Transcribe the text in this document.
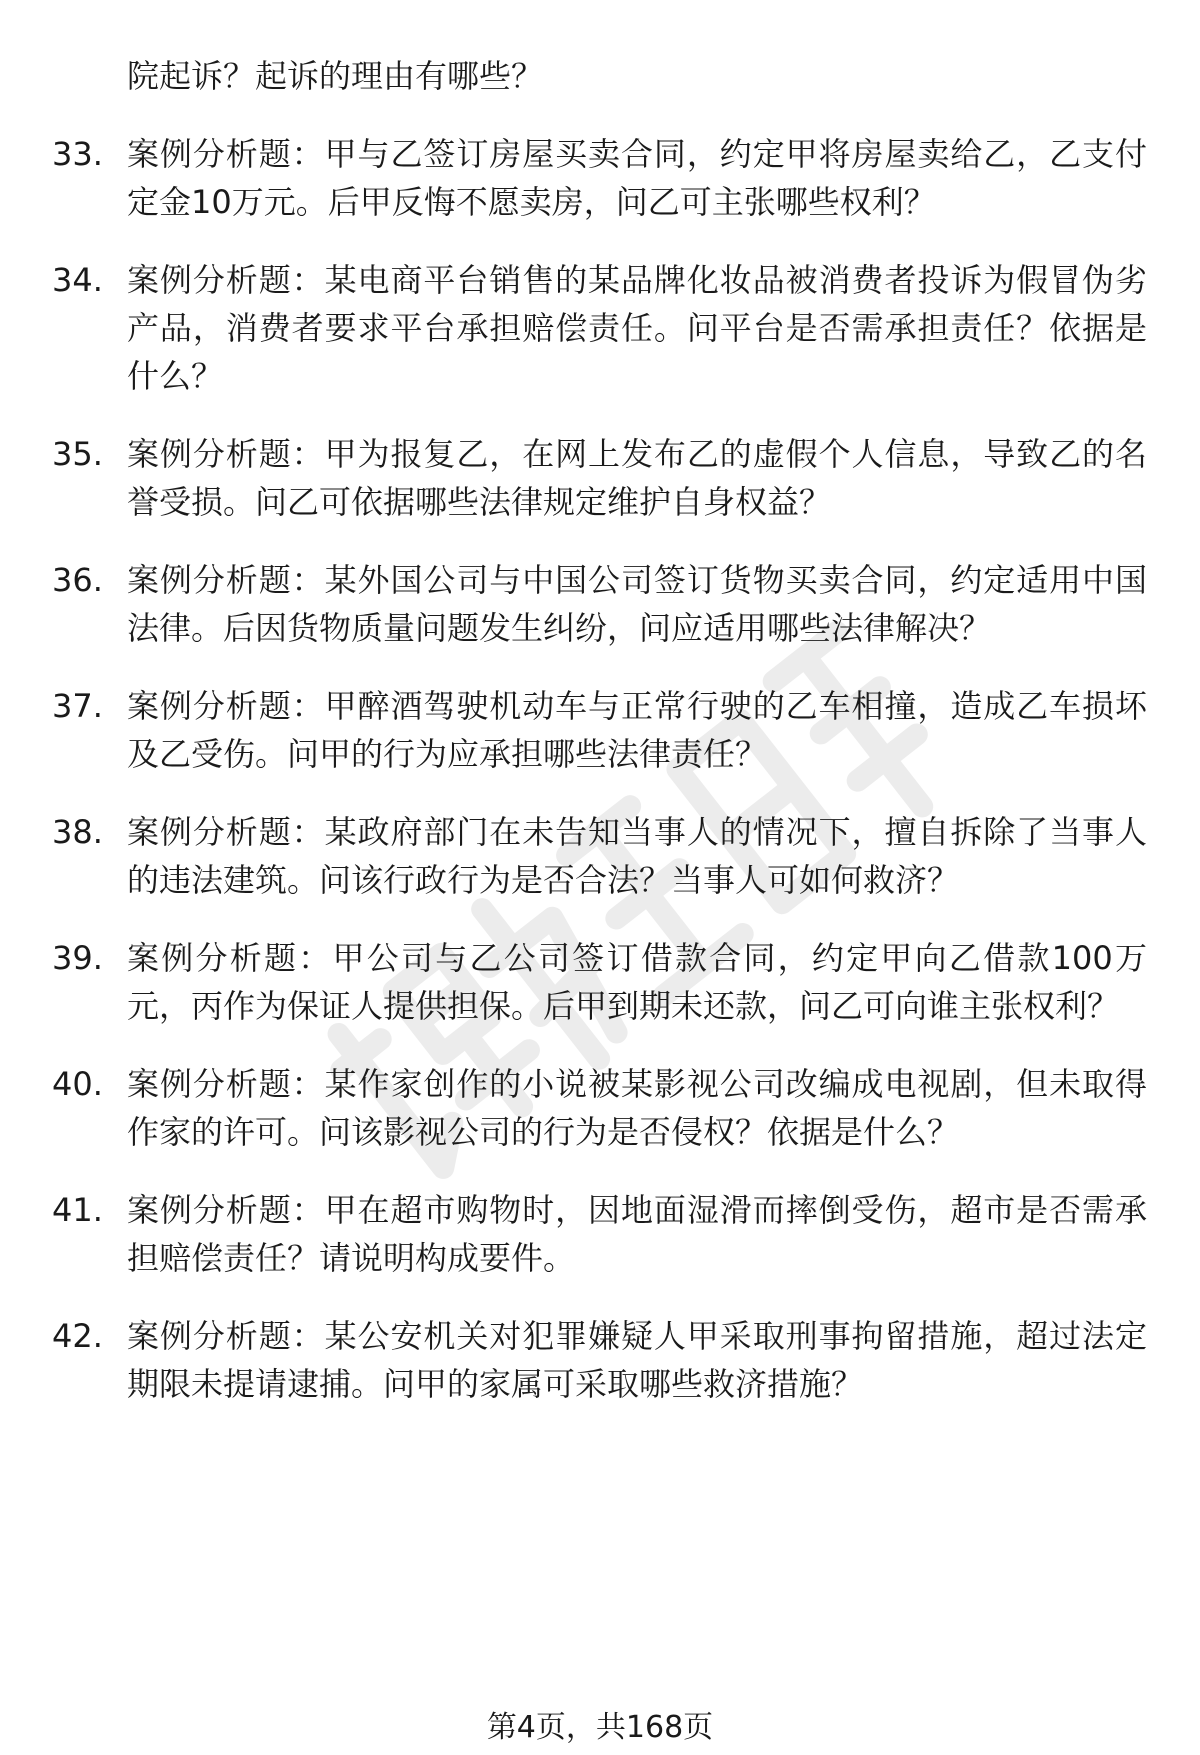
院起诉？起诉的理由有哪些？
33. 案例分析题：甲与乙签订房屋买卖合同，约定甲将房屋卖给乙，乙支付定金10万元。后甲反悔不愿卖房，问乙可主张哪些权利？
34. 案例分析题：某电商平台销售的某品牌化妆品被消费者投诉为假冒伪劣产品，消费者要求平台承担赔偿责任。问平台是否需承担责任？依据是什么？
35. 案例分析题：甲为报复乙，在网上发布乙的虚假个人信息，导致乙的名誉受损。问乙可依据哪些法律规定维护自身权益？
36. 案例分析题：某外国公司与中国公司签订货物买卖合同，约定适用中国法律。后因货物质量问题发生纠纷，问应适用哪些法律解决？
37. 案例分析题：甲醉酒驾驶机动车与正常行驶的乙车相撞，造成乙车损坏及乙受伤。问甲的行为应承担哪些法律责任？
38. 案例分析题：某政府部门在未告知当事人的情况下，擅自拆除了当事人的违法建筑。问该行政行为是否合法？当事人可如何救济？
39. 案例分析题：甲公司与乙公司签订借款合同，约定甲向乙借款100万元，丙作为保证人提供担保。后甲到期未还款，问乙可向谁主张权利？
40. 案例分析题：某作家创作的小说被某影视公司改编成电视剧，但未取得作家的许可。问该影视公司的行为是否侵权？依据是什么？
41. 案例分析题：甲在超市购物时，因地面湿滑而摔倒受伤，超市是否需承担赔偿责任？请说明构成要件。
42. 案例分析题：某公安机关对犯罪嫌疑人甲采取刑事拘留措施，超过法定期限未提请逮捕。问甲的家属可采取哪些救济措施？
第4页，共168页
